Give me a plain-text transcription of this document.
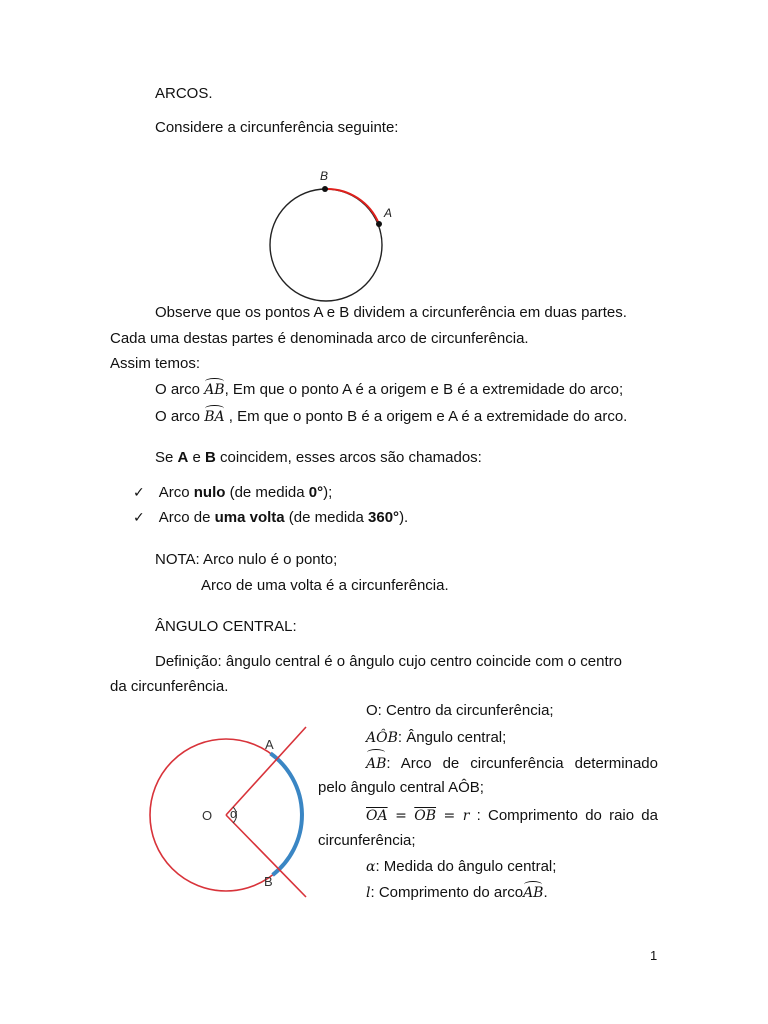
ARCOS.
Considere a circunferência seguinte:
B
A
Observe que os pontos A e B dividem a circunferência em duas partes.
Cada uma destas partes é denominada arco de circunferência.
Assim temos:
O arco AB, Em que o ponto A é a origem e B é a extremidade do arco;
O arco BA , Em que o ponto B é a origem e A é a extremidade do arco.
Se A e B coincidem, esses arcos são chamados:
✓ Arco nulo (de medida 0°);
✓ Arco de uma volta (de medida 360°).
NOTA: Arco nulo é o ponto;
Arco de uma volta é a circunferência.
ÂNGULO CENTRAL:
Definição: ângulo central é o ângulo cujo centro coincide com o centro
da circunferência.
O α
A
B
O: Centro da circunferência;
AÔB: Ângulo central;
AB: Arco de circunferência determinado
pelo ângulo central AÔB;
$\overline{OA} = \overline{OB} = r$ : Comprimento do raio da
circunferência;
α: Medida do ângulo central;
l: Comprimento do arcoAB.
1
